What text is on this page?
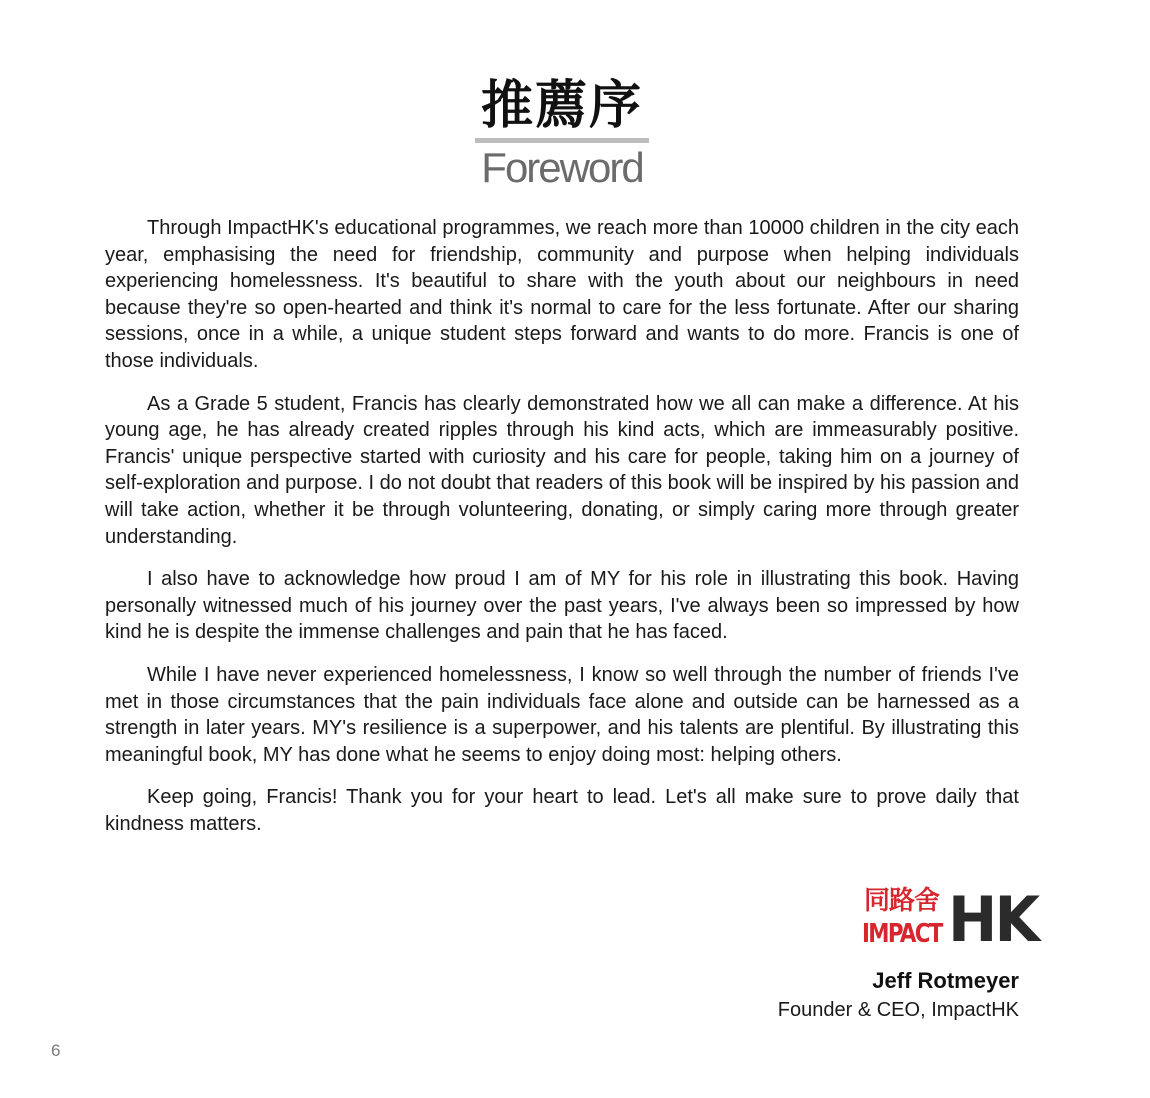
推薦序
Foreword

Through ImpactHK's educational programmes, we reach more than 10000 children in the city each year, emphasising the need for friendship, community and purpose when helping individuals experiencing homelessness. It's beautiful to share with the youth about our neighbours in need because they're so open-hearted and think it's normal to care for the less fortunate. After our sharing sessions, once in a while, a unique student steps forward and wants to do more. Francis is one of those individuals.

As a Grade 5 student, Francis has clearly demonstrated how we all can make a difference. At his young age, he has already created ripples through his kind acts, which are immeasurably positive. Francis' unique perspective started with curiosity and his care for people, taking him on a journey of self-exploration and purpose. I do not doubt that readers of this book will be inspired by his passion and will take action, whether it be through volunteering, donating, or simply caring more through greater understanding.

I also have to acknowledge how proud I am of MY for his role in illustrating this book. Having personally witnessed much of his journey over the past years, I've always been so impressed by how kind he is despite the immense challenges and pain that he has faced.

While I have never experienced homelessness, I know so well through the number of friends I've met in those circumstances that the pain individuals face alone and outside can be harnessed as a strength in later years. MY's resilience is a superpower, and his talents are plentiful. By illustrating this meaningful book, MY has done what he seems to enjoy doing most: helping others.

Keep going, Francis! Thank you for your heart to lead. Let's all make sure to prove daily that kindness matters.

同路舍
IMPACT HK
Jeff Rotmeyer
Founder & CEO, ImpactHK
6
